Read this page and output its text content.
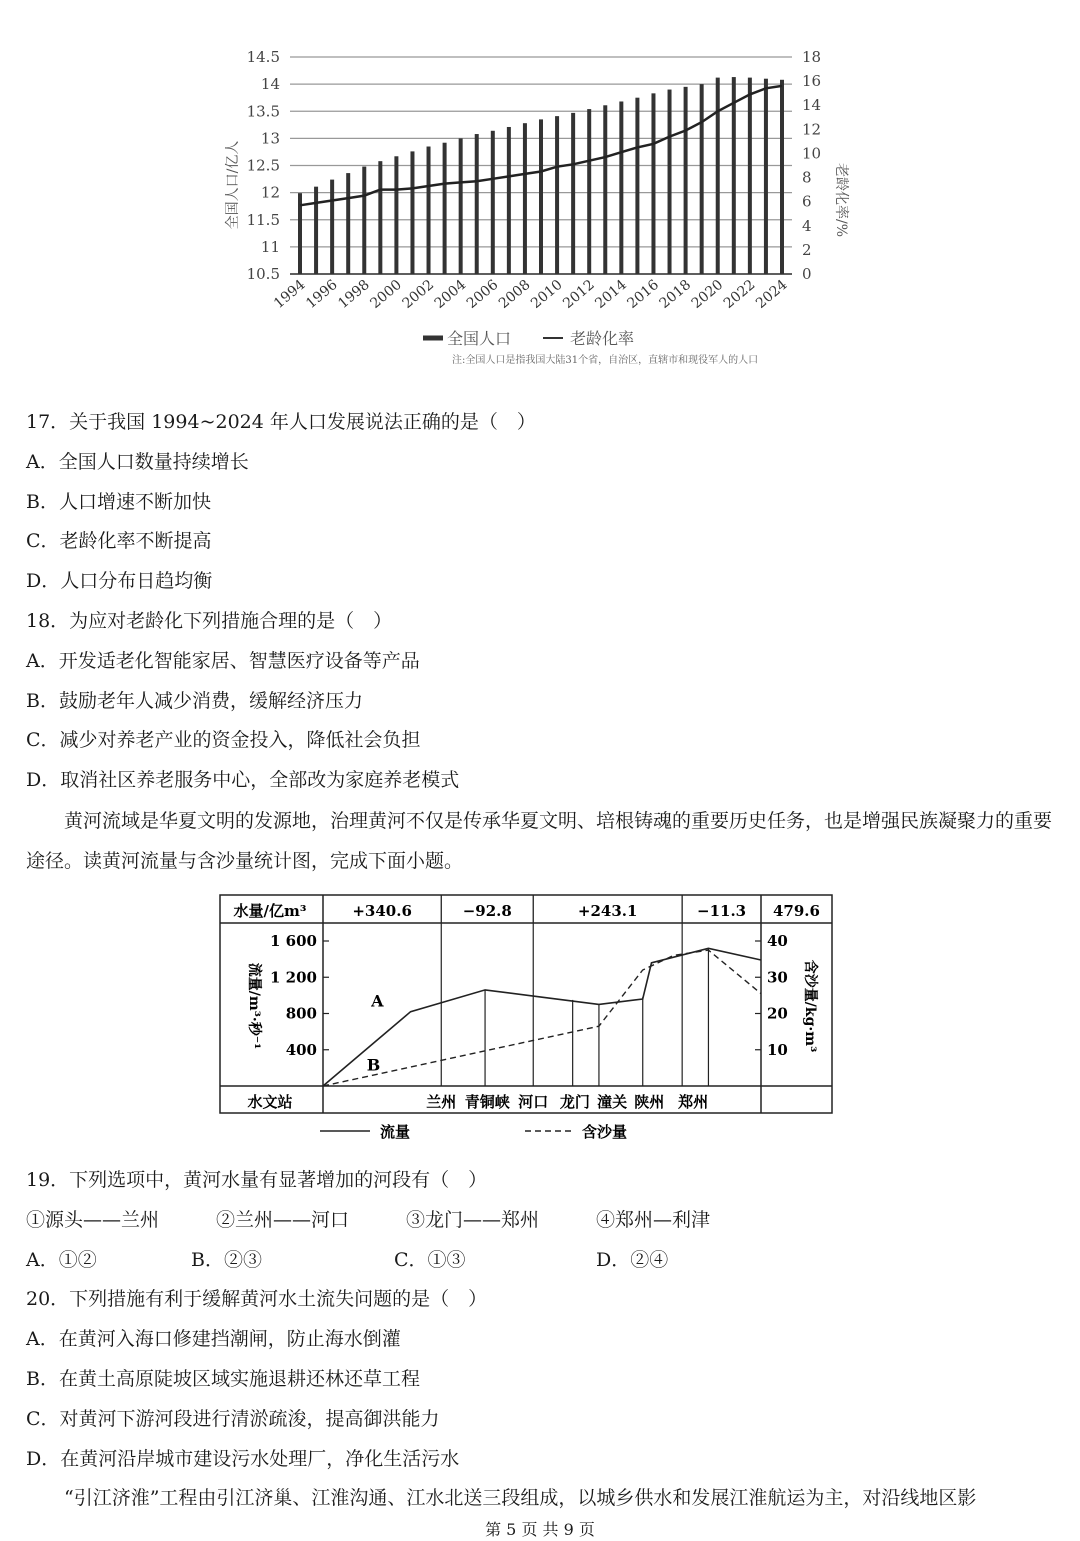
10.5
11
11.5
12
12.5
13
13.5
14
14.5
0
2
4
6
8
10
12
14
16
18
1994
1996
1998
2000
2002
2004
2006
2008
2010
2012
2014
2016
2018
2020
2022
2024
全国人口/亿人	老龄化率/%
全国人口	老龄化率
注:全国人口是指我国大陆31个省，自治区，直辖市和现役军人的人口
17．关于我国 1994~2024 年人口发展说法正确的是（　）
A．全国人口数量持续增长
B．人口增速不断加快
C．老龄化率不断提高
D．人口分布日趋均衡
18．为应对老龄化下列措施合理的是（　）
A．开发适老化智能家居、智慧医疗设备等产品
B．鼓励老年人减少消费，缓解经济压力
C．减少对养老产业的资金投入，降低社会负担
D．取消社区养老服务中心，全部改为家庭养老模式
黄河流域是华夏文明的发源地，治理黄河不仅是传承华夏文明、培根铸魂的重要历史任务，也是增强民族凝聚力的重要途径。读黄河流量与含沙量统计图，完成下面小题。
水量/亿m³	+340.6	−92.8	+243.1	−11.3 479.6
400
800
1 200
1 600
10
20
30
40
流量/m³·秒⁻¹	含沙量/kg·m³
A
B
水文站	兰州 青铜峡 河口 龙门 潼关 陕州 郑州
流量	含沙量
19．下列选项中，黄河水量有显著增加的河段有（　）
①源头——兰州	②兰州——河口	③龙门——郑州	④郑州—利津
A．①②	B．②③	C．①③	D．②④
20．下列措施有利于缓解黄河水土流失问题的是（　）
A．在黄河入海口修建挡潮闸，防止海水倒灌
B．在黄土高原陡坡区域实施退耕还林还草工程
C．对黄河下游河段进行清淤疏浚，提高御洪能力
D．在黄河沿岸城市建设污水处理厂，净化生活污水
“引江济淮”工程由引江济巢、江淮沟通、江水北送三段组成，以城乡供水和发展江淮航运为主，对沿线地区影
第 5 页 共 9 页
